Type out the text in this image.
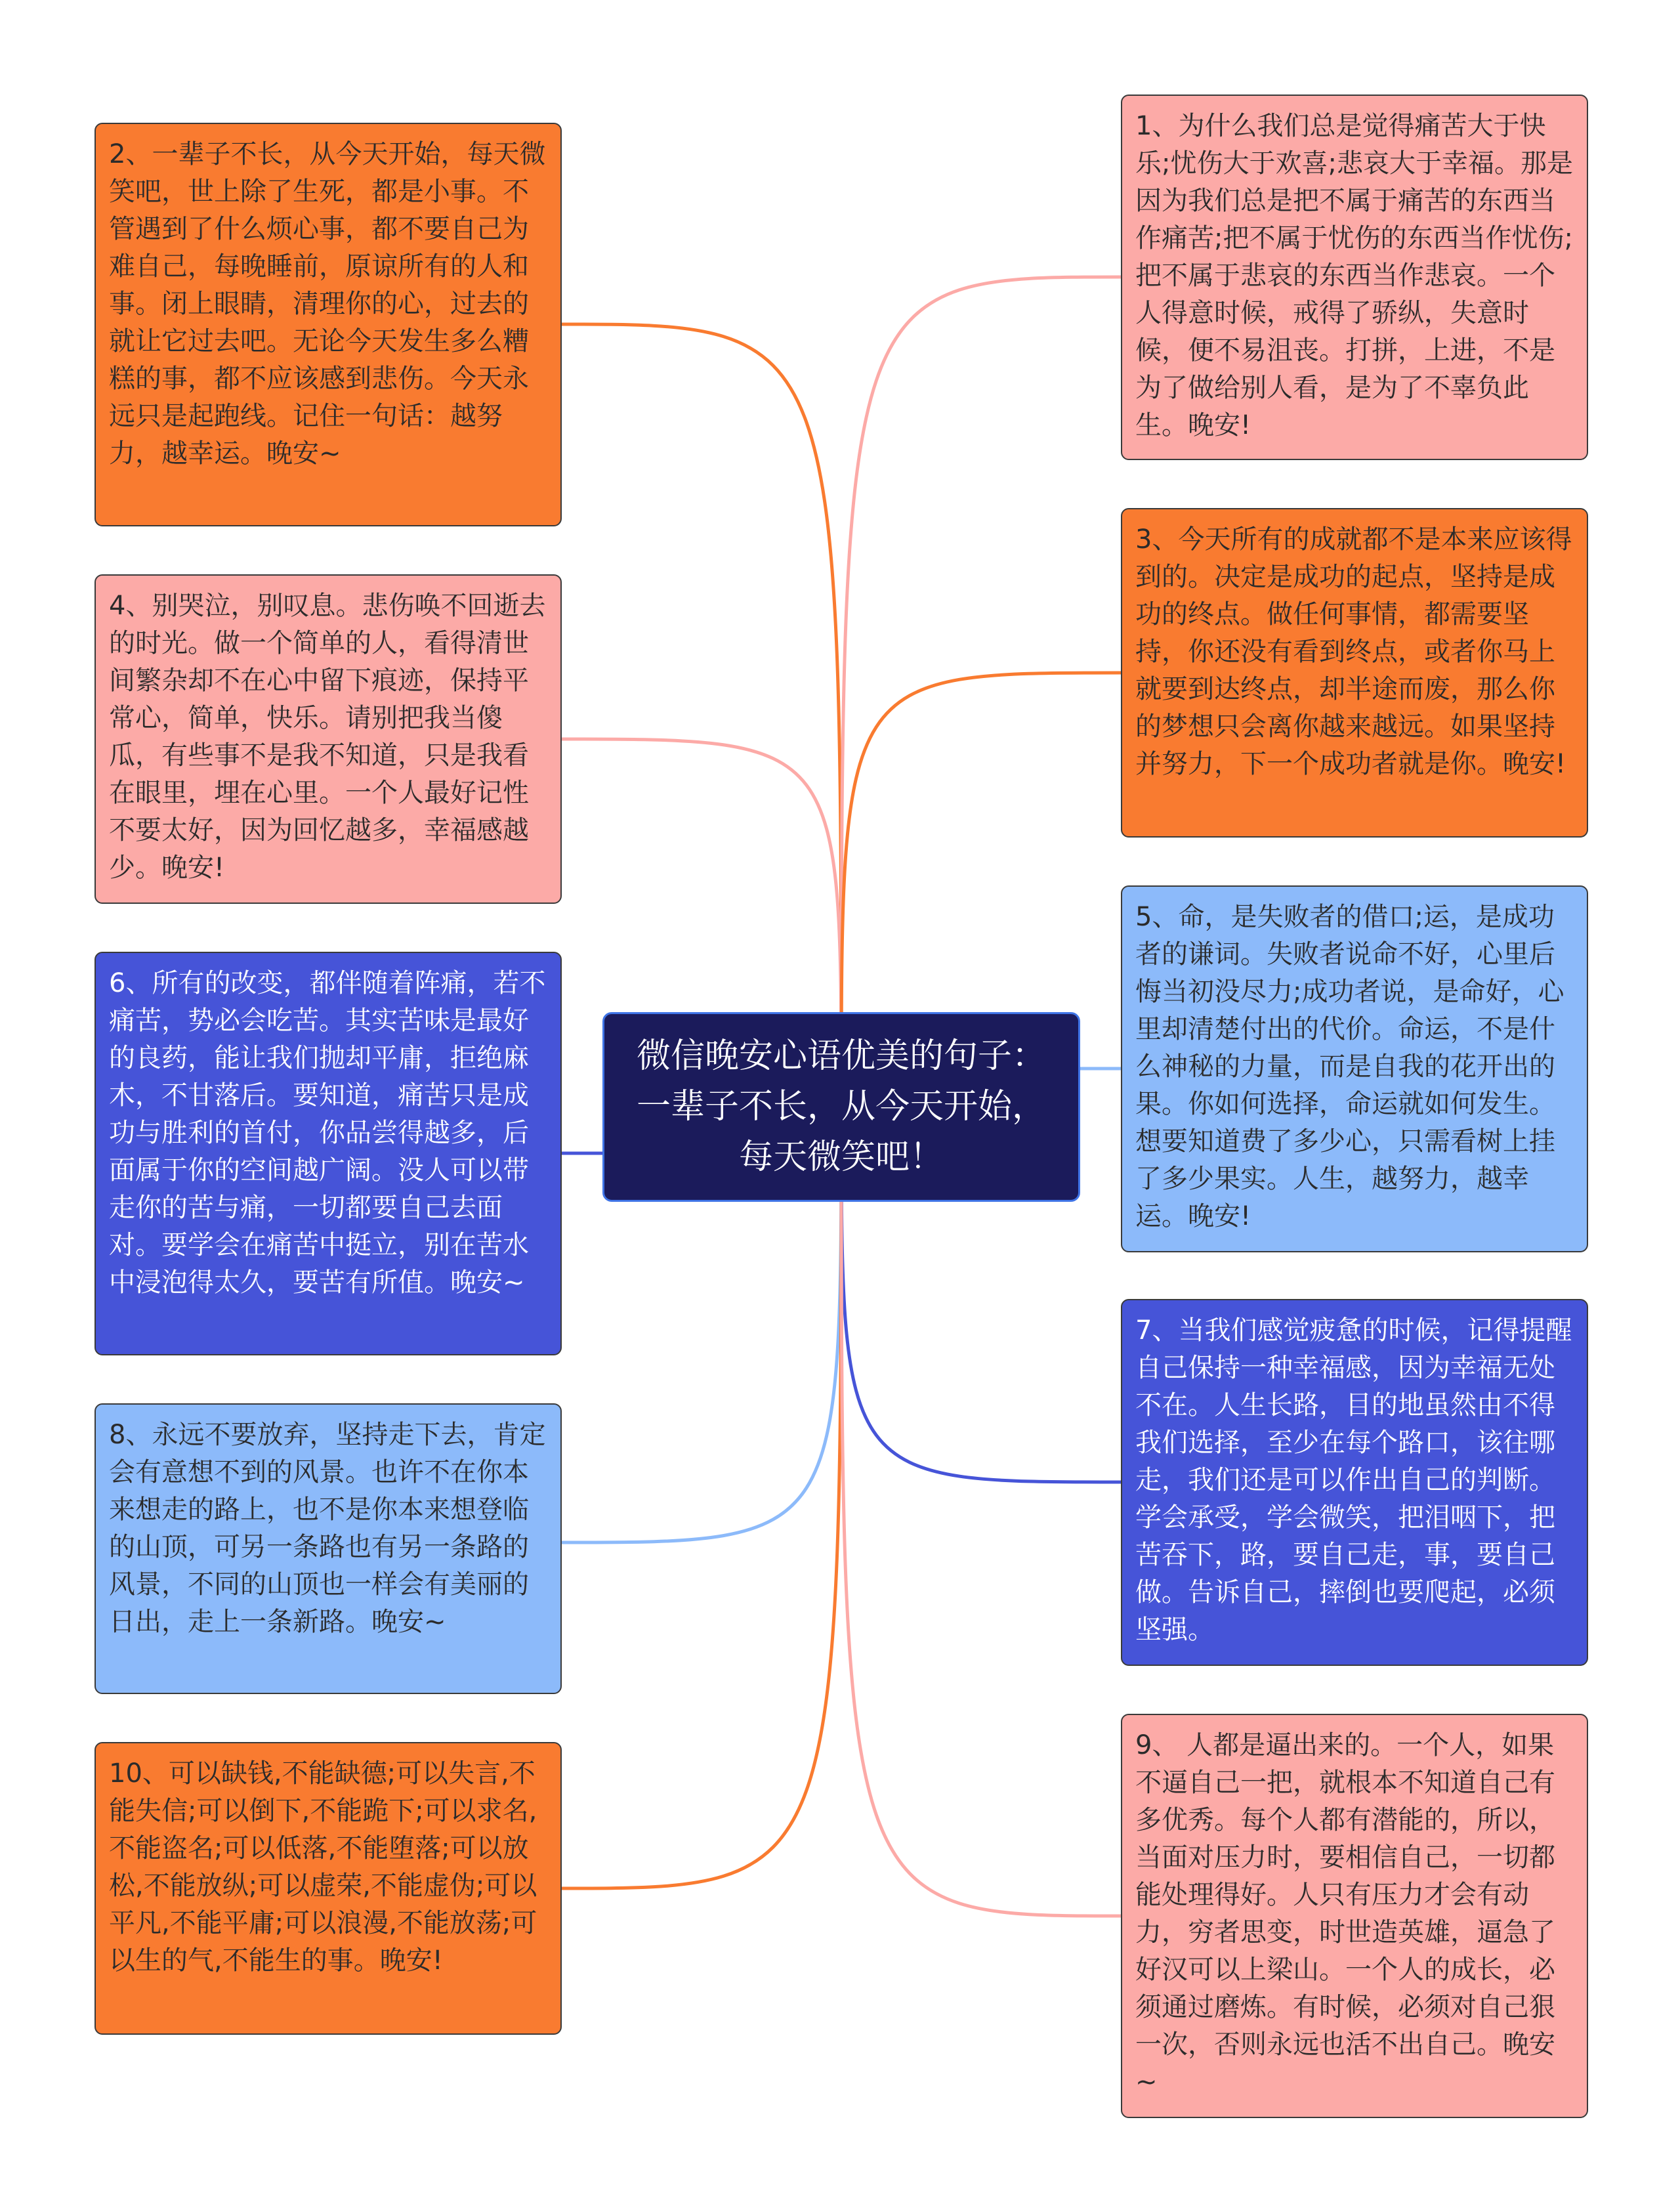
微信晚安心语优美的句子：一辈子不长，从今天开始，每天微笑吧！
2、一辈子不长，从今天开始，每天微笑吧，世上除了生死，都是小事。不管遇到了什么烦心事，都不要自己为难自己，每晚睡前，原谅所有的人和事。闭上眼睛，清理你的心，过去的就让它过去吧。无论今天发生多么糟糕的事，都不应该感到悲伤。今天永远只是起跑线。记住一句话：越努力，越幸运。晚安~
4、别哭泣，别叹息。悲伤唤不回逝去的时光。做一个简单的人，看得清世间繁杂却不在心中留下痕迹，保持平常心，简单，快乐。请别把我当傻瓜，有些事不是我不知道，只是我看在眼里，埋在心里。一个人最好记性不要太好，因为回忆越多，幸福感越少。晚安!
6、所有的改变，都伴随着阵痛，若不痛苦，势必会吃苦。其实苦味是最好的良药，能让我们抛却平庸，拒绝麻木，不甘落后。要知道，痛苦只是成功与胜利的首付，你品尝得越多，后面属于你的空间越广阔。没人可以带走你的苦与痛，一切都要自己去面对。要学会在痛苦中挺立，别在苦水中浸泡得太久，要苦有所值。晚安~
8、永远不要放弃，坚持走下去，肯定会有意想不到的风景。也许不在你本来想走的路上，也不是你本来想登临的山顶，可另一条路也有另一条路的风景，不同的山顶也一样会有美丽的日出，走上一条新路。晚安~
10、可以缺钱,不能缺德;可以失言,不能失信;可以倒下,不能跪下;可以求名,不能盗名;可以低落,不能堕落;可以放松,不能放纵;可以虚荣,不能虚伪;可以平凡,不能平庸;可以浪漫,不能放荡;可以生的气,不能生的事。晚安!
1、为什么我们总是觉得痛苦大于快乐;忧伤大于欢喜;悲哀大于幸福。那是因为我们总是把不属于痛苦的东西当作痛苦;把不属于忧伤的东西当作忧伤;把不属于悲哀的东西当作悲哀。一个人得意时候，戒得了骄纵，失意时候，便不易沮丧。打拼，上进，不是为了做给别人看，是为了不辜负此生。晚安!
3、今天所有的成就都不是本来应该得到的。决定是成功的起点，坚持是成功的终点。做任何事情，都需要坚持，你还没有看到终点，或者你马上就要到达终点，却半途而废，那么你的梦想只会离你越来越远。如果坚持并努力，下一个成功者就是你。晚安!
5、命，是失败者的借口;运，是成功者的谦词。失败者说命不好，心里后悔当初没尽力;成功者说，是命好，心里却清楚付出的代价。命运，不是什么神秘的力量，而是自我的花开出的果。你如何选择，命运就如何发生。想要知道费了多少心，只需看树上挂了多少果实。人生，越努力，越幸运。晚安!
7、当我们感觉疲惫的时候，记得提醒自己保持一种幸福感，因为幸福无处不在。人生长路，目的地虽然由不得我们选择，至少在每个路口，该往哪走，我们还是可以作出自己的判断。学会承受，学会微笑，把泪咽下，把苦吞下，路，要自己走，事，要自己做。告诉自己，摔倒也要爬起，必须坚强。
9、 人都是逼出来的。一个人，如果不逼自己一把，就根本不知道自己有多优秀。每个人都有潜能的，所以，当面对压力时，要相信自己，一切都能处理得好。人只有压力才会有动力，穷者思变，时世造英雄，逼急了好汉可以上梁山。一个人的成长，必须通过磨炼。有时候，必须对自己狠一次，否则永远也活不出自己。晚安~
